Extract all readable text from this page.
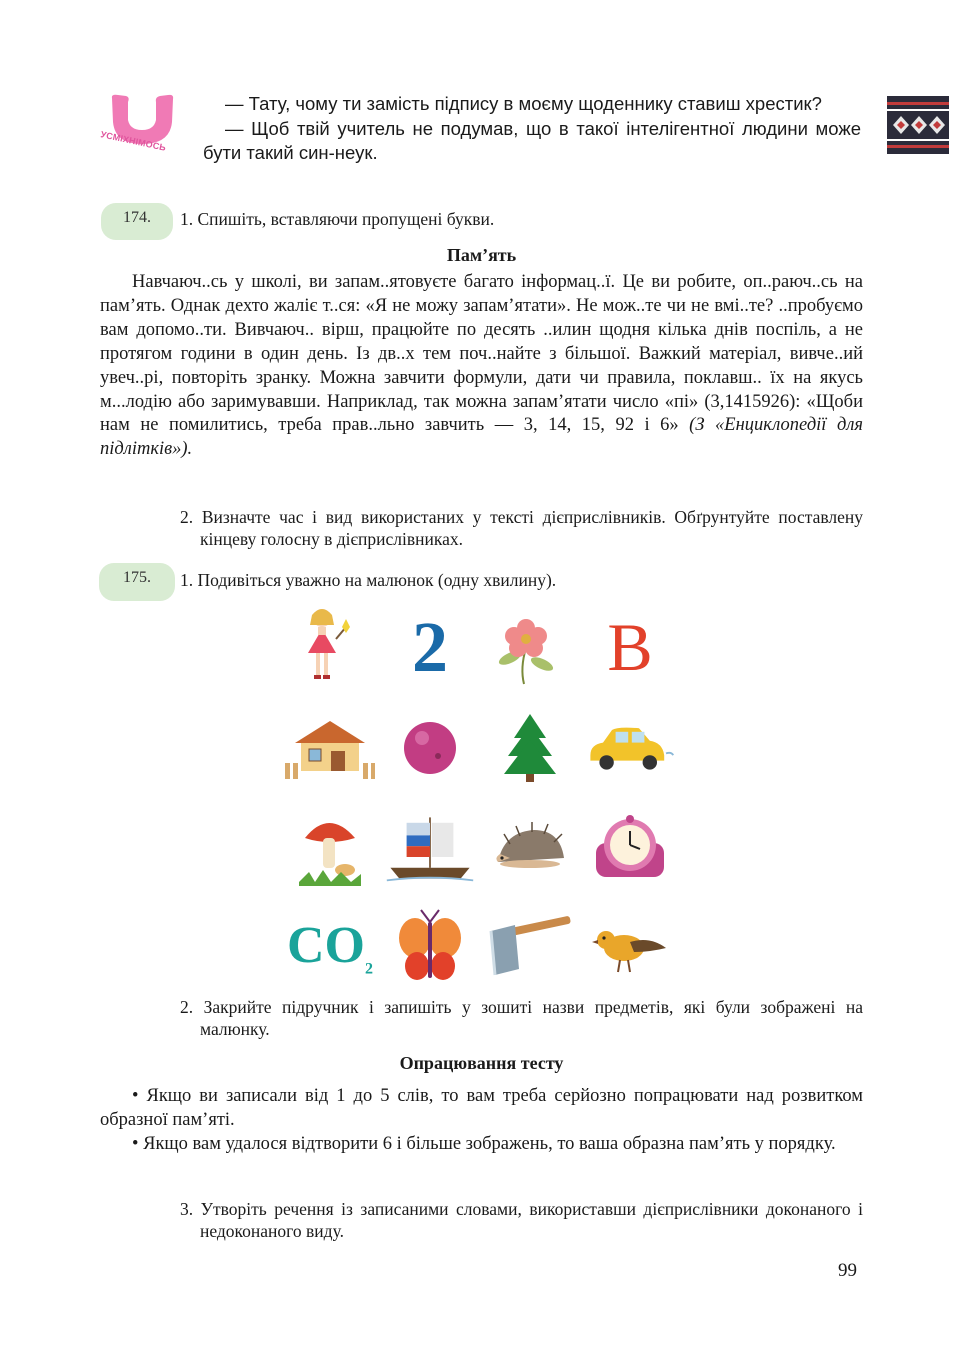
УСМІХНІМОСЬ

— Тату, чому ти замість підпису в моєму щоденнику ставиш хрестик?

— Щоб твій учитель не подумав, що в такої інтелігентної людини може бути такий син-неук.

174.	1. Спишіть, вставляючи пропущені букви.
Пам’ять

Навчаюч..сь у школі, ви запам..ятовуєте багато інформац..ї. Це ви робите, оп..раюч..сь на пам’ять. Однак дехто жаліє т..ся: «Я не можу запам’ятати». Не мож..те чи не вмі..те? ..пробуємо вам допомо..ти. Вивчаюч.. вірш, працюйте по десять ..илин щодня кілька днів поспіль, а не протягом години в один день. Із дв..х тем поч..найте з більшої. Важкий матеріал, вивче..ий увеч..рі, повторіть зранку. Можна завчити формули, дати чи правила, поклавш.. їх на якусь м...лодію або заримувавши. Наприклад, так можна запам’ятати число «пі» (3,1415926): «Щоби нам не помилитись, треба прав..льно завчить — 3, 14, 15, 92 і 6» (З «Енциклопедії для підлітків»).

2. Визначте час і вид використаних у тексті дієприслівників. Обґрунтуйте поставлену кінцеву голосну в дієприслівниках.
175.	1. Подивіться уважно на малюнок (одну хвилину).
2 В
$CO_2$
2. Закрийте підручник і запишіть у зошиті назви предметів, які були зображені на малюнку.
Опрацювання тесту

• Якщо ви записали від 1 до 5 слів, то вам треба серйозно попрацювати над розвитком образної пам’яті.

• Якщо вам удалося відтворити 6 і більше зображень, то ваша образна пам’ять у порядку.

3. Утворіть речення із записаними словами, використавши дієприслівники доконаного і недоконаного виду.
99
